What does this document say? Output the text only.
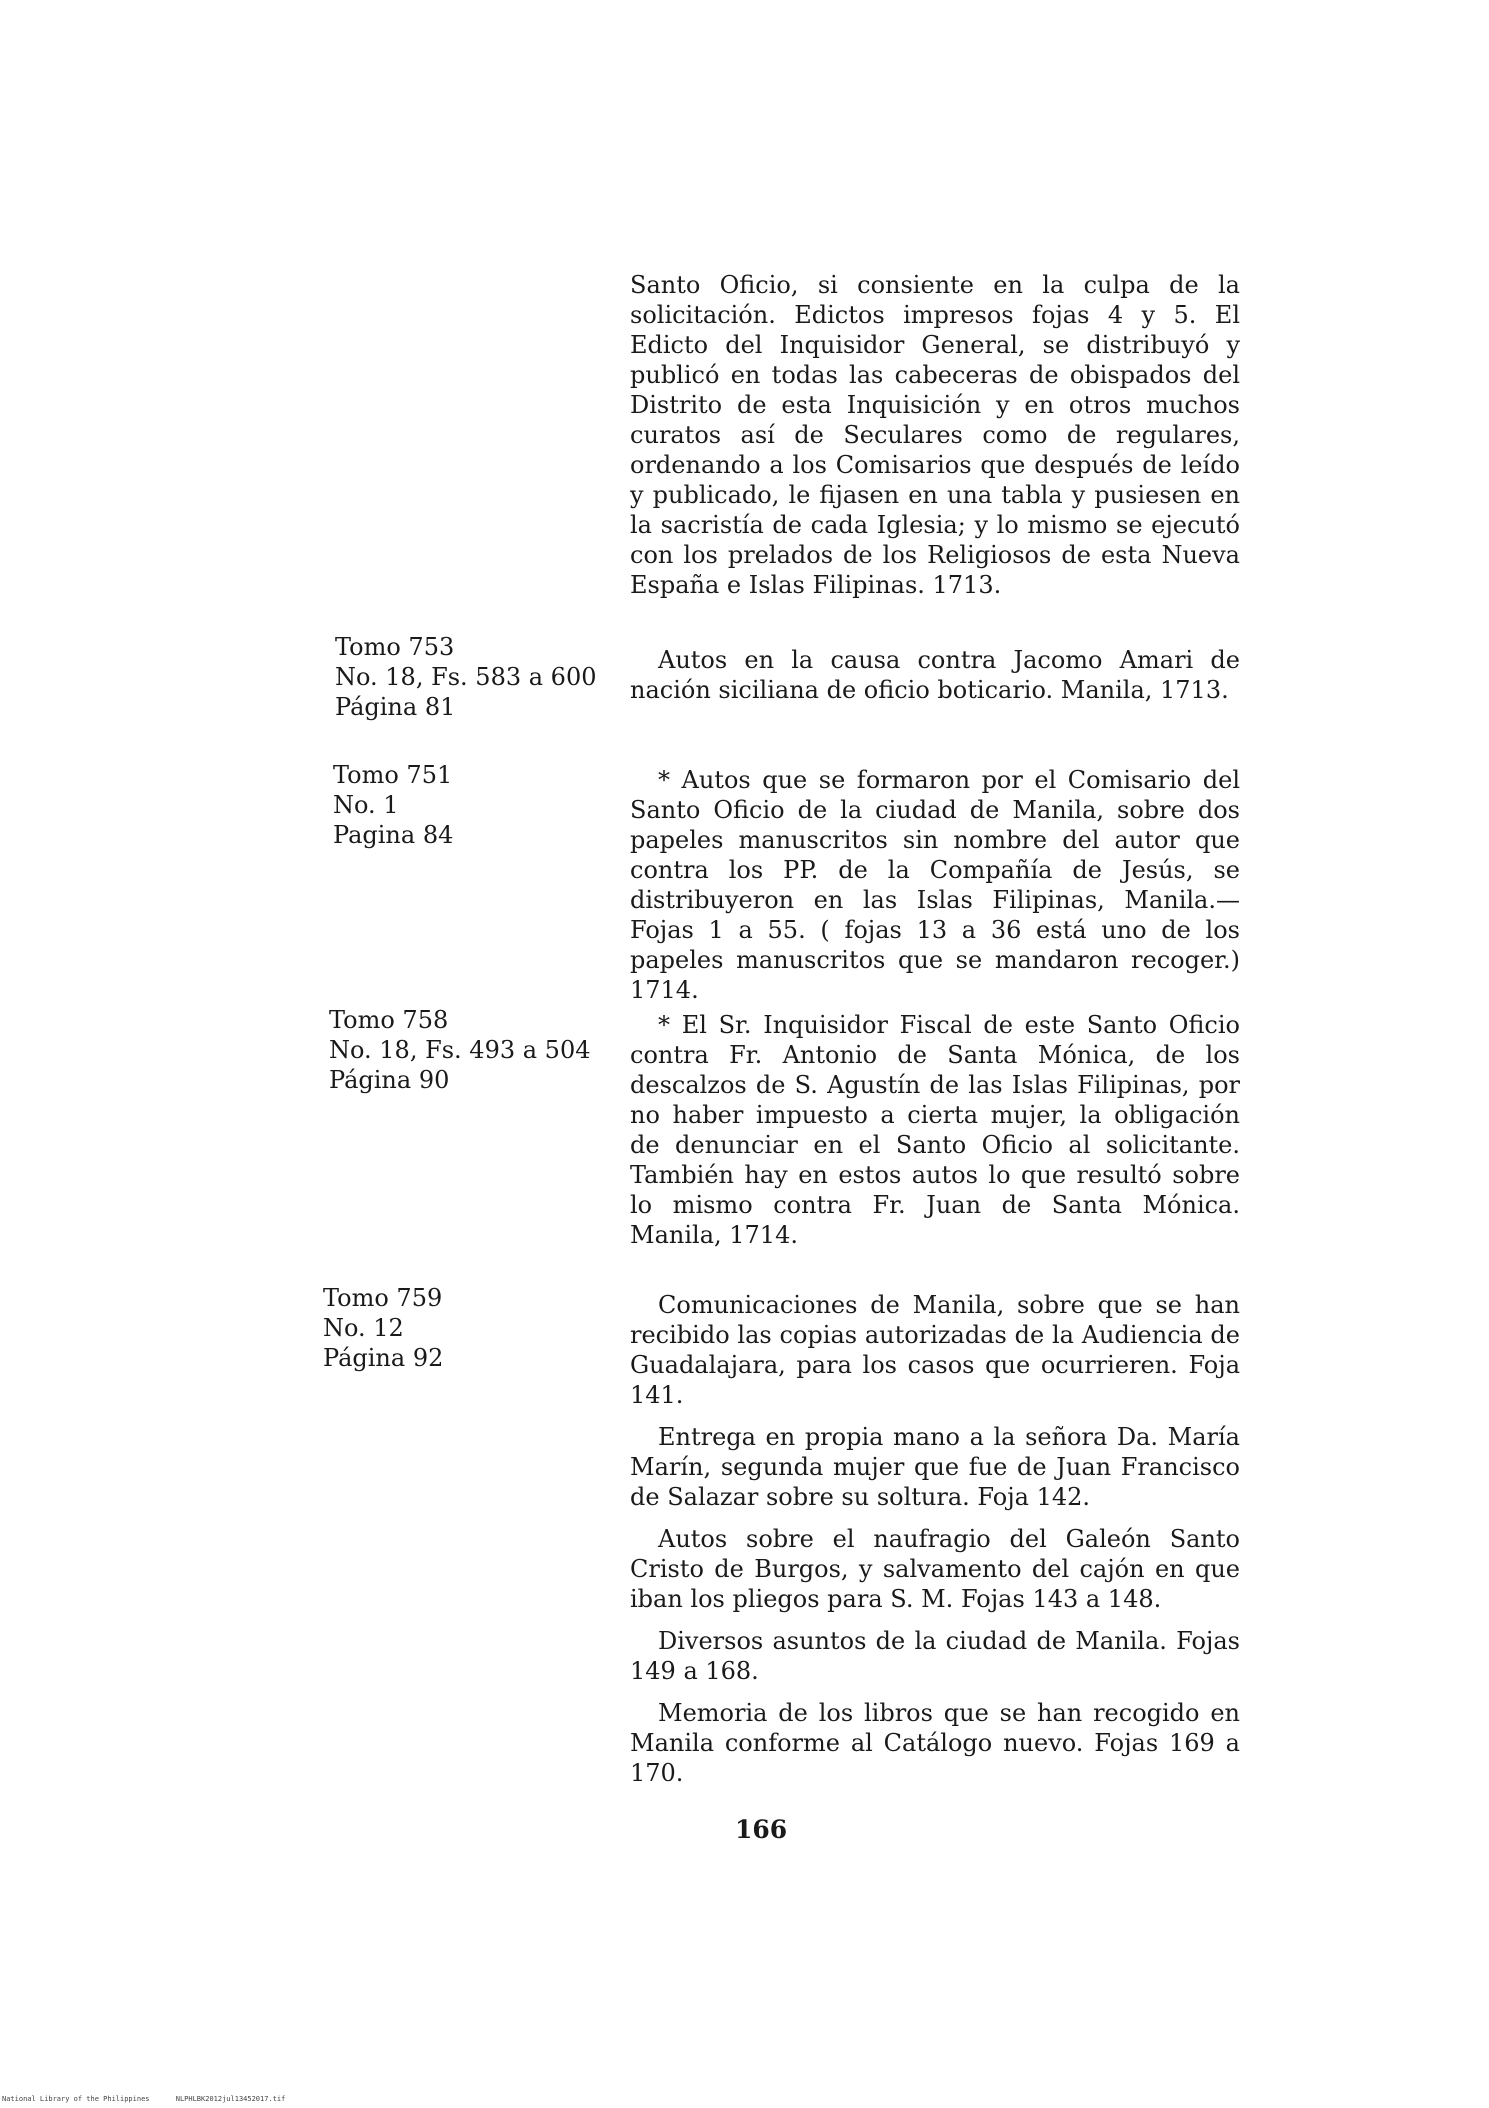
Santo Oficio, si consiente en la culpa de la solicitación. Edictos impresos fojas 4 y 5. El Edicto del Inquisidor General, se distribuyó y publicó en todas las cabeceras de obispados del Distrito de esta Inquisición y en otros muchos curatos así de Seculares como de regulares, ordenando a los Comisarios que después de leído y publicado, le fijasen en una tabla y pusiesen en la sacristía de cada Iglesia; y lo mismo se ejecutó con los prelados de los Religiosos de esta Nueva España e Islas Filipinas. 1713.

Tomo 753
No. 18, Fs. 583 a 600
Página 81

Autos en la causa contra Jacomo Amari de nación siciliana de oficio boticario. Manila, 1713.

Tomo 751
No. 1
Pagina 84

* Autos que se formaron por el Comisario del Santo Oficio de la ciudad de Manila, sobre dos papeles manuscritos sin nombre del autor que contra los PP. de la Compañía de Jesús, se distribuyeron en las Islas Filipinas, Manila.—Fojas 1 a 55. ( fojas 13 a 36 está uno de los papeles manuscritos que se mandaron recoger.) 1714.

Tomo 758
No. 18, Fs. 493 a 504
Página 90

* El Sr. Inquisidor Fiscal de este Santo Oficio contra Fr. Antonio de Santa Mónica, de los descalzos de S. Agustín de las Islas Filipinas, por no haber impuesto a cierta mujer, la obligación de denunciar en el Santo Oficio al solicitante. También hay en estos autos lo que resultó sobre lo mismo contra Fr. Juan de Santa Mónica. Manila, 1714.

Tomo 759
No. 12
Página 92

Comunicaciones de Manila, sobre que se han recibido las copias autorizadas de la Audiencia de Guadalajara, para los casos que ocurrieren. Foja 141.

Entrega en propia mano a la señora Da. María Marín, segunda mujer que fue de Juan Francisco de Salazar sobre su soltura. Foja 142.

Autos sobre el naufragio del Galeón Santo Cristo de Burgos, y salvamento del cajón en que iban los pliegos para S. M. Fojas 143 a 148.

Diversos asuntos de la ciudad de Manila. Fojas 149 a 168.

Memoria de los libros que se han recogido en Manila conforme al Catálogo nuevo. Fojas 169 a 170.

166
National Library of the Philippines	NLPHLBK2012jul13452017.tif
